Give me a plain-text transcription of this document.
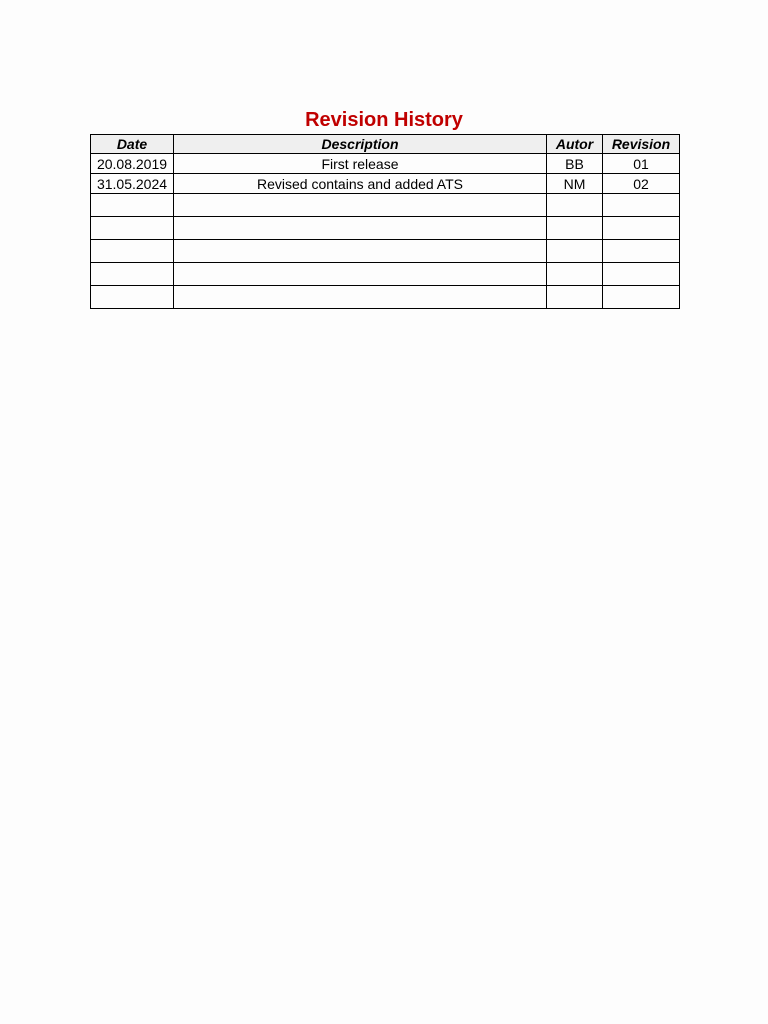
Revision History
Date	Description	Autor	Revision
20.08.2019	First release	BB	01
31.05.2024	Revised contains and added ATS	NM	02
